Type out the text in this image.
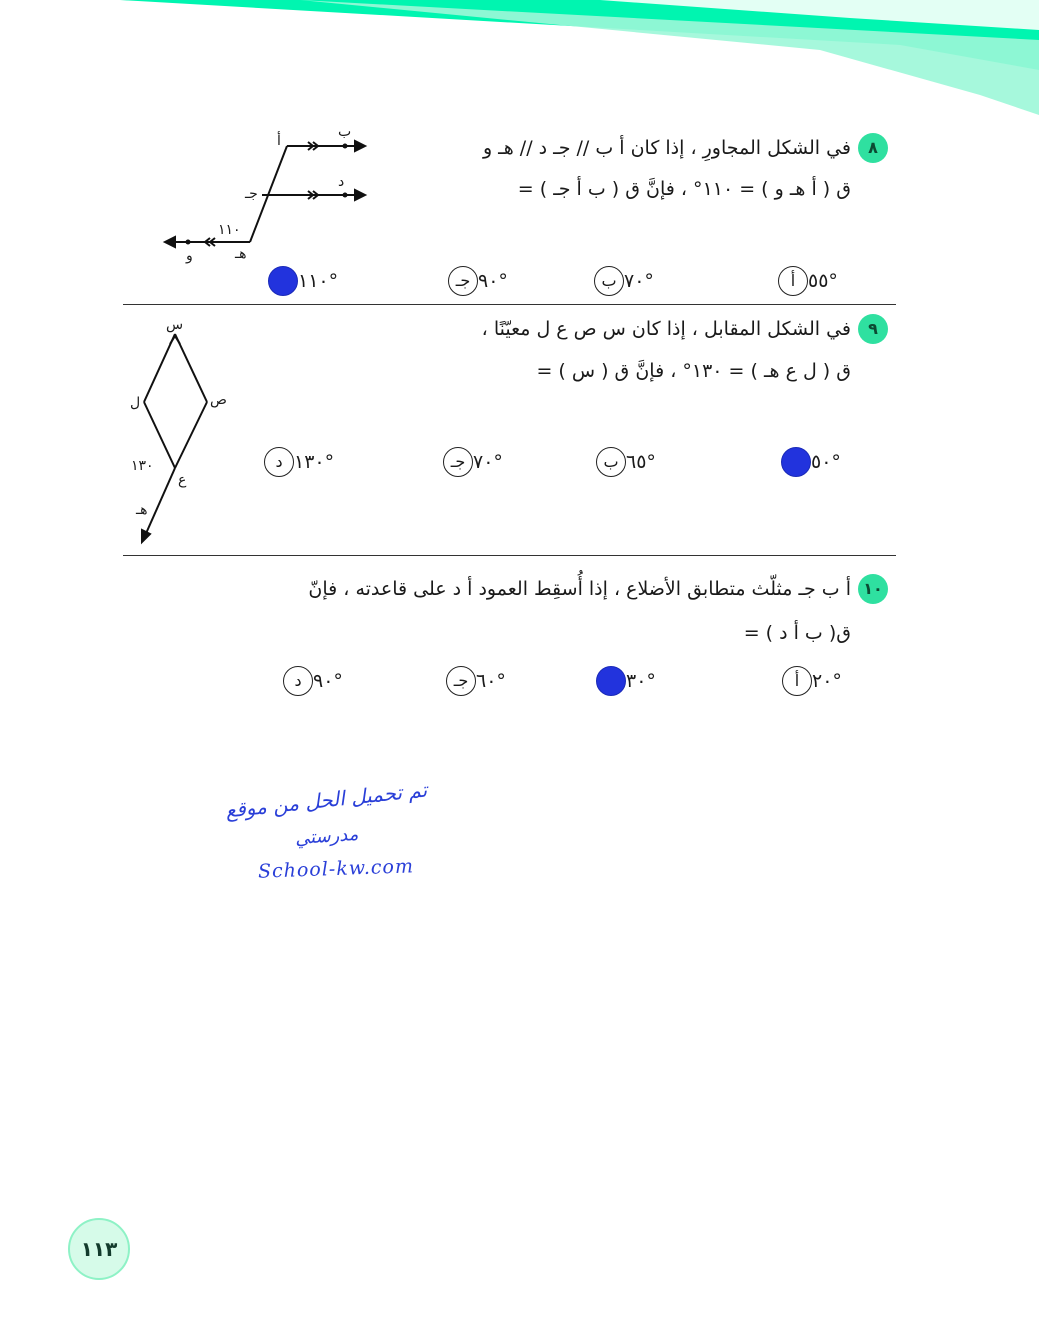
٨
في الشكل المجاورِ ، إذا كان أ ب // جـ د // هـ و
ق ( أ هـ و ) = ١١٠° ، فإنَّ ق ( ب أ جـ ) =
أ
ب
جـ
د
هـ
و
١١٠
أ °٥٥
ب °٧٠
جـ °٩٠
°١١٠
٩
في الشكل المقابل ، إذا كان س ص ع ل معيّنًا ،
ق ( ل ع هـ ) = ١٣٠° ، فإنَّ ق ( س ) =
س
ل	ص
ع
هـ
١٣٠	°٥٠
ب °٦٥
جـ °٧٠
د °١٣٠
١٠
أ ب جـ مثلّث متطابق الأضلاع ، إذا أُسقِط العمود أ د على قاعدته ، فإنّ
ق( ب أ د ) =
أ °٢٠
°٣٠
جـ °٦٠
د °٩٠
تم تحميل الحل من موقع
مدرستي
School-kw.com
١١٣
